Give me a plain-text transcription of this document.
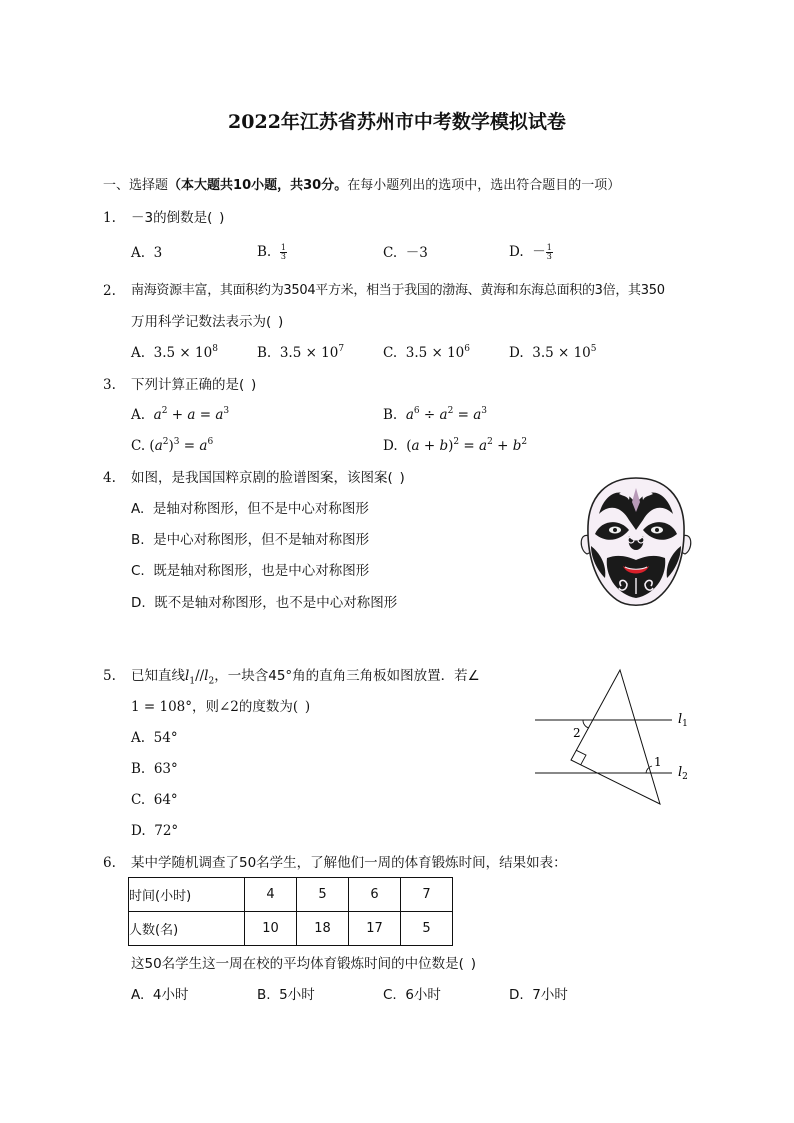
2022年江苏省苏州市中考数学模拟试卷
一、选择题（本大题共10小题，共30分。在每小题列出的选项中，选出符合题目的一项）
1. －3的倒数是( )
A. 3	B. $\frac{1}{3}$	C. －3	D. － $\frac{1}{3}$
2. 南海资源丰富，其面积约为3504平方米，相当于我国的渤海、黄海和东海总面积的3倍，其350
万用科学记数法表示为( )
A. $3.5 \times 10^8$	B. $3.5 \times 10^7$	C. $3.5 \times 10^6$	D. $3.5 \times 10^5$
3. 下列计算正确的是( )
A. $a^2 + a = a^3$	B. $a^6 \div a^2 = a^3$
C. $(a^2)^3 = a^6$	D.  $(a + b)^2 = a^2 + b^2$
4. 如图，是我国国粹京剧的脸谱图案，该图案( )
A. 是轴对称图形，但不是中心对称图形
B. 是中心对称图形，但不是轴对称图形
C. 既是轴对称图形，也是中心对称图形
D. 既不是轴对称图形，也不是中心对称图形
5. 已知直线$l_1//l_2$，一块含45°角的直角三角板如图放置．若∠
1 = 108°，则∠2的度数为( )
A. 54°
B. 63°
C. 64°
D. 72°
2
1
$l_1$
$l_2$
6. 某中学随机调查了50名学生，了解他们一周的体育锻炼时间，结果如表：
时间(小时)	4	5	6	7
人数(名)	10	18	17	5
这50名学生这一周在校的平均体育锻炼时间的中位数是( )
A. 4小时	B. 5小时	C. 6小时	D. 7小时
